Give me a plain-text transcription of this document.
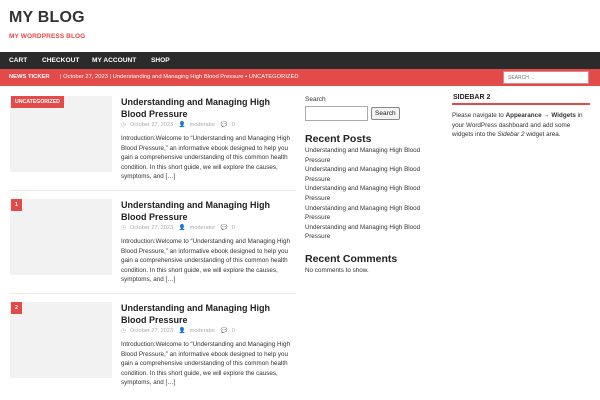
MY BLOG
MY WORDPRESS BLOG
CART CHECKOUT MY ACCOUNT SHOP
NEWS TICKER | October 27, 2023 | Understanding and Managing High Blood Pressure • UNCATEGORIZED
SEARCH ...
UNCATEGORIZED	Understanding and Managing High Blood Pressure
◷ October 27, 2023 👤 moderator 💬 0
Introduction:Welcome to “Understanding and Managing High Blood Pressure,” an informative ebook designed to help you gain a comprehensive understanding of this common health condition. In this short guide, we will explore the causes, symptoms, and […]
1	Understanding and Managing High Blood Pressure
◷ October 27, 2023 👤 moderator 💬 0
Introduction:Welcome to “Understanding and Managing High Blood Pressure,” an informative ebook designed to help you gain a comprehensive understanding of this common health condition. In this short guide, we will explore the causes, symptoms, and […]
2	Understanding and Managing High Blood Pressure
◷ October 27, 2023 👤 moderator 💬 0
Introduction:Welcome to “Understanding and Managing High Blood Pressure,” an informative ebook designed to help you gain a comprehensive understanding of this common health condition. In this short guide, we will explore the causes, symptoms, and […]
Search
Search
Recent Posts
Understanding and Managing High Blood Pressure
Understanding and Managing High Blood Pressure
Understanding and Managing High Blood Pressure
Understanding and Managing High Blood Pressure
Understanding and Managing High Blood Pressure
Recent Comments
No comments to show.
SIDEBAR 2
Please navigate to Appearance → Widgets in your WordPress dashboard and add some widgets into the Sidebar 2 widget area.
